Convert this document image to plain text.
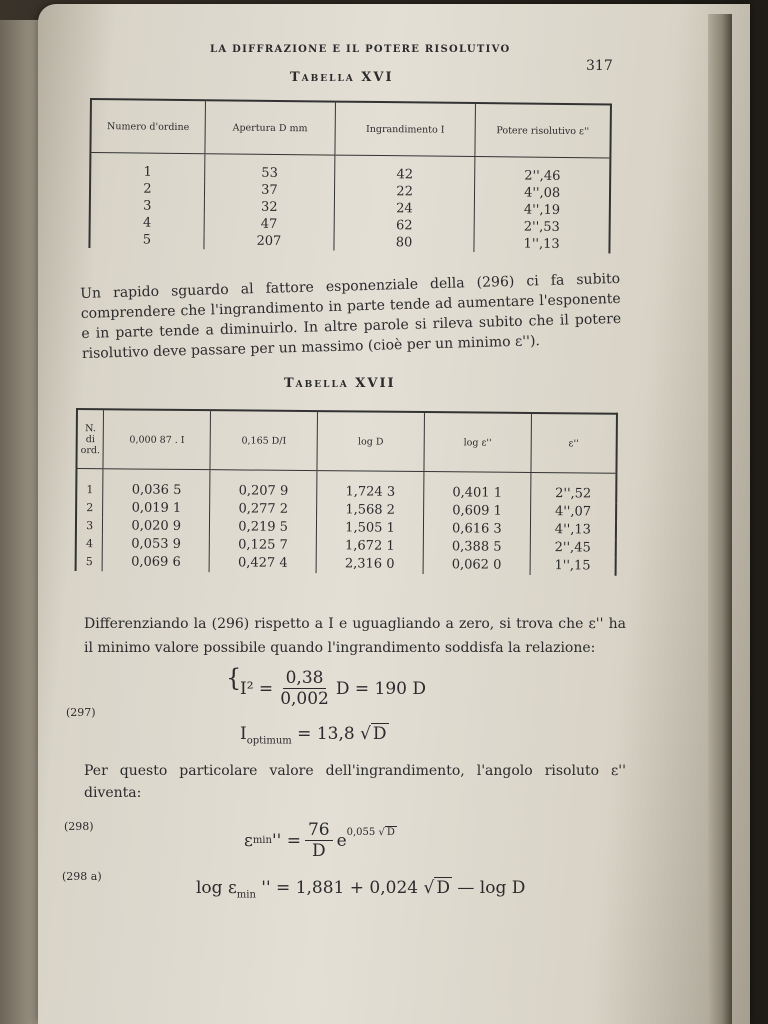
LA DIFFRAZIONE E IL POTERE RISOLUTIVO
317
Tabella XVI
Numero d'ordine	Apertura D mm	Ingrandimento I	Potere risolutivo ε''
1	53	42	2'',46
2	37	22	4'',08
3	32	24	4'',19
4	47	62	2'',53
5	207	80	1'',13
Un rapido sguardo al fattore esponenziale della (296) ci fa subito comprendere che l'ingrandimento in parte tende ad aumentare l'esponente e in parte tende a diminuirlo. In altre parole si rileva subito che il potere risolutivo deve passare per un massimo (cioè per un minimo ε'').
Tabella XVII
N. di ord.	0,000 87 . I	0,165 D/I	log D	log ε''	ε''
1	0,036 5	0,207 9	1,724 3	0,401 1	2'',52
2	0,019 1	0,277 2	1,568 2	0,609 1	4'',07
3	0,020 9	0,219 5	1,505 1	0,616 3	4'',13
4	0,053 9	0,125 7	1,672 1	0,388 5	2'',45
5	0,069 6	0,427 4	2,316 0	0,062 0	1'',15
Differenziando la (296) rispetto a I e uguagliando a zero, si trova che ε'' ha il minimo valore possibile quando l'ingrandimento soddisfa la relazione:
(297)
{
$I^2 = \frac{0,38}{0,002}$ D = 190 D
$I_{optimum} = 13,8$ √ D
Per questo particolare valore dell'ingrandimento, l'angolo risoluto ε'' diventa:
(298)
ε min '' = $\frac{76}{D}$ e $^{0,055 √ D}$
(298 a)
$\log \varepsilon_{min}$ '' = 1,881 + 0,024 √ D — log D
